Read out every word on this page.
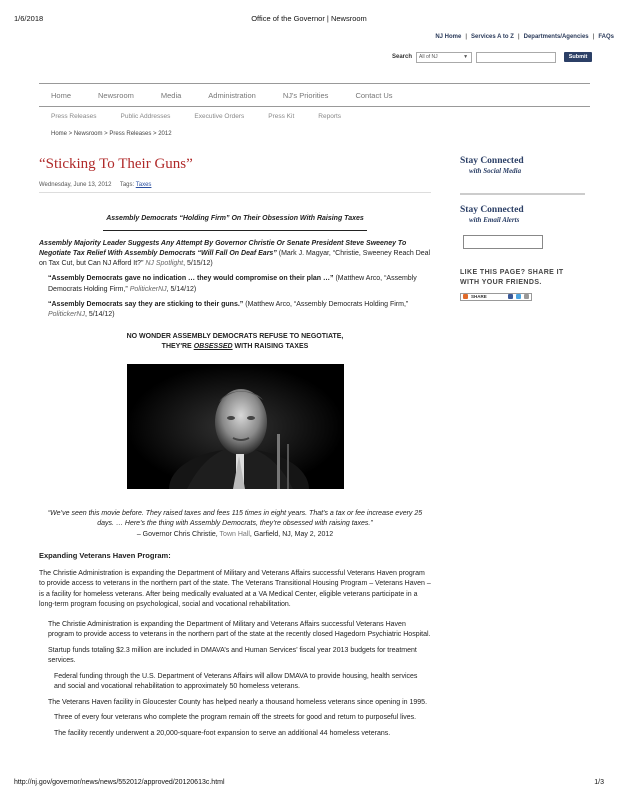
1/6/2018	Office of the Governor | Newsroom
NJ Home | Services A to Z | Departments/Agencies | FAQs
Search	All of NJ	▼	Submit
Home	Newsroom	Media	Administration	NJ's Priorities	Contact Us
Press Releases	Public Addresses	Executive Orders	Press Kit	Reports
Home > Newsroom > Press Releases > 2012
“Sticking To Their Guns”
Wednesday, June 13, 2012 Tags: Taxes
Assembly Democrats “Holding Firm” On Their Obsession With Raising Taxes
Assembly Majority Leader Suggests Any Attempt By Governor Christie Or Senate President Steve Sweeney To Negotiate Tax Relief With Assembly Democrats “Will Fall On Deaf Ears” (Mark J. Magyar, “Christie, Sweeney Reach Deal on Tax Cut, but Can NJ Afford It?” NJ Spotlight, 5/15/12)
“Assembly Democrats gave no indication … they would compromise on their plan …” (Matthew Arco, “Assembly Democrats Holding Firm,” PolitickerNJ, 5/14/12)
“Assembly Democrats say they are sticking to their guns.” (Matthew Arco, “Assembly Democrats Holding Firm,” PolitickerNJ, 5/14/12)
NO WONDER ASSEMBLY DEMOCRATS REFUSE TO NEGOTIATE,
THEY'RE OBSESSED WITH RAISING TAXES
“We’ve seen this movie before. They raised taxes and fees 115 times in eight years. That’s a tax or fee increase every 25 days. … Here’s the thing with Assembly Democrats, they’re obsessed with raising taxes.”
– Governor Chris Christie, Town Hall, Garfield, NJ, May 2, 2012
Expanding Veterans Haven Program:
The Christie Administration is expanding the Department of Military and Veterans Affairs successful Veterans Haven program to provide access to veterans in the northern part of the state. The Veterans Transitional Housing Program – Veterans Haven – is a facility for homeless veterans. After being medically evaluated at a VA Medical Center, eligible veterans participate in a long-term program focusing on psychological, social and vocational rehabilitation.

The Christie Administration is expanding the Department of Military and Veterans Affairs successful Veterans Haven program to provide access to veterans in the northern part of the state at the recently closed Hagedorn Psychiatric Hospital.

Startup funds totaling $2.3 million are included in DMAVA’s and Human Services’ fiscal year 2013 budgets for treatment services.

Federal funding through the U.S. Department of Veterans Affairs will allow DMAVA to provide housing, health services and social and vocational rehabilitation to approximately 50 homeless veterans.

The Veterans Haven facility in Gloucester County has helped nearly a thousand homeless veterans since opening in 1995.

Three of every four veterans who complete the program remain off the streets for good and return to purposeful lives.

The facility recently underwent a 20,000-square-foot expansion to serve an additional 44 homeless veterans.

Stay Connected
with Social Media
Stay Connected
with Email Alerts
LIKE THIS PAGE? SHARE IT WITH YOUR FRIENDS.
SHARE
http://nj.gov/governor/news/news/552012/approved/20120613c.html	1/3
